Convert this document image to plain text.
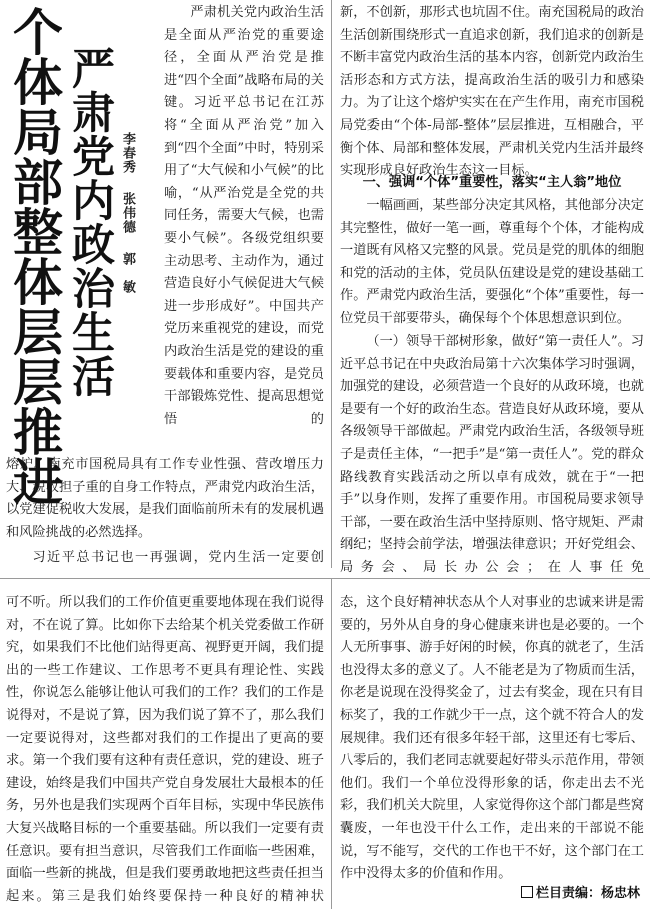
个体局部整体层层推进 严肃党内政治生活 李春秀
张伟德
郭　敏
严肃机关党内政治生活是全面从严治党的重要途径，全面从严治党是推进“四个全面”战略布局的关键。习近平总书记在江苏将“全面从严治党”加入到“四个全面”中时，特别采用了“大气候和小气候”的比喻，“从严治党是全党的共同任务，需要大气候，也需要小气候”。各级党组织要主动思考、主动作为，通过营造良好小气候促进大气候进一步形成好”。中国共产党历来重视党的建设，而党内政治生活是党的建设的重要载体和重要内容，是党员干部锻炼党性、提高思想觉悟的
熔炉。南充市国税局具有工作专业性强、营改增压力大、税收担子重的自身工作特点，严肃党内政治生活，以党建促税收大发展，是我们面临前所未有的发展机遇和风险挑战的必然选择。
习近平总书记也一再强调，党内生活一定要创
新，不创新，那形式也坑固不住。南充国税局的政治生活创新围绕形式一直追求创新，我们追求的创新是不断丰富党内政治生活的基本内容，创新党内政治生活形态和方式方法，提高政治生活的吸引力和感染力。为了让这个熔炉实实在在产生作用，南充市国税局党委由“个体-局部-整体”层层推进，互相融合，平衡个体、局部和整体发展，严肃机关党内生活并最终实现形成良好政治生态这一目标。
一、强调“个体”重要性，落实“主人翁”地位
一幅画画，某些部分决定其风格，其他部分决定其完整性，做好一笔一画，尊重每个个体，才能构成一道既有风格又完整的风景。党员是党的肌体的细胞和党的活动的主体，党员队伍建设是党的建设基础工作。严肃党内政治生活，要强化“个体”重要性，每一位党员干部要带头，确保每个个体思想意识到位。
（一）领导干部树形象，做好“第一责任人”。习近平总书记在中央政治局第十六次集体学习时强调，加强党的建设，必须营造一个良好的从政环境，也就是要有一个好的政治生态。营造良好从政环境，要从各级领导干部做起。严肃党内政治生活，各级领导班子是责任主体，“一把手”是“第一责任人”。党的群众路线教育实践活动之所以卓有成效，就在于“一把手”以身作则，发挥了重要作用。市国税局要求领导干部，一要在政治生活中坚持原则、恪守规矩、严肃纲纪；坚持会前学法，增强法律意识；开好党组会、局务会、局长办公会；在人事任免
可不听。所以我们的工作价值更重要地体现在我们说得对，不在说了算。比如你下去给某个机关党委做工作研究，如果我们不比他们站得更高、视野更开阔，我们提出的一些工作建议、工作思考不更具有理论性、实践性，你说怎么能够让他认可我们的工作？我们的工作是说得对，不是说了算，因为我们说了算不了，那么我们一定要说得对，这些都对我们的工作提出了更高的要求。第一个我们要有这种有责任意识，党的建设、班子建设，始终是我们中国共产党自身发展壮大最根本的任务，另外也是我们实现两个百年目标，实现中华民族伟大复兴战略目标的一个重要基础。所以我们一定要有责任意识。要有担当意识，尽管我们工作面临一些困难，面临一些新的挑战，但是我们要勇敢地把这些责任担当起来。第三是我们始终要保持一种良好的精神状
态，这个良好精神状态从个人对事业的忠诚来讲是需要的，另外从自身的身心健康来讲也是必要的。一个人无所事事、游手好闲的时候，你真的就老了，生活也没得太多的意义了。人不能老是为了物质而生活，你老是说现在没得奖金了，过去有奖金，现在只有目标奖了，我的工作就少干一点，这个就不符合人的发展规律。我们还有很多年轻干部，这里还有七零后、八零后的，我们老同志就要起好带头示范作用，带领他们。我们一个单位没得形象的话，你走出去不光彩，我们机关大院里，人家觉得你这个部门都是些窝囊废，一年也没干什么工作，走出来的干部说不能说，写不能写，交代的工作也干不好，这个部门在工作中没得太多的价值和作用。
栏目责编：杨忠林
